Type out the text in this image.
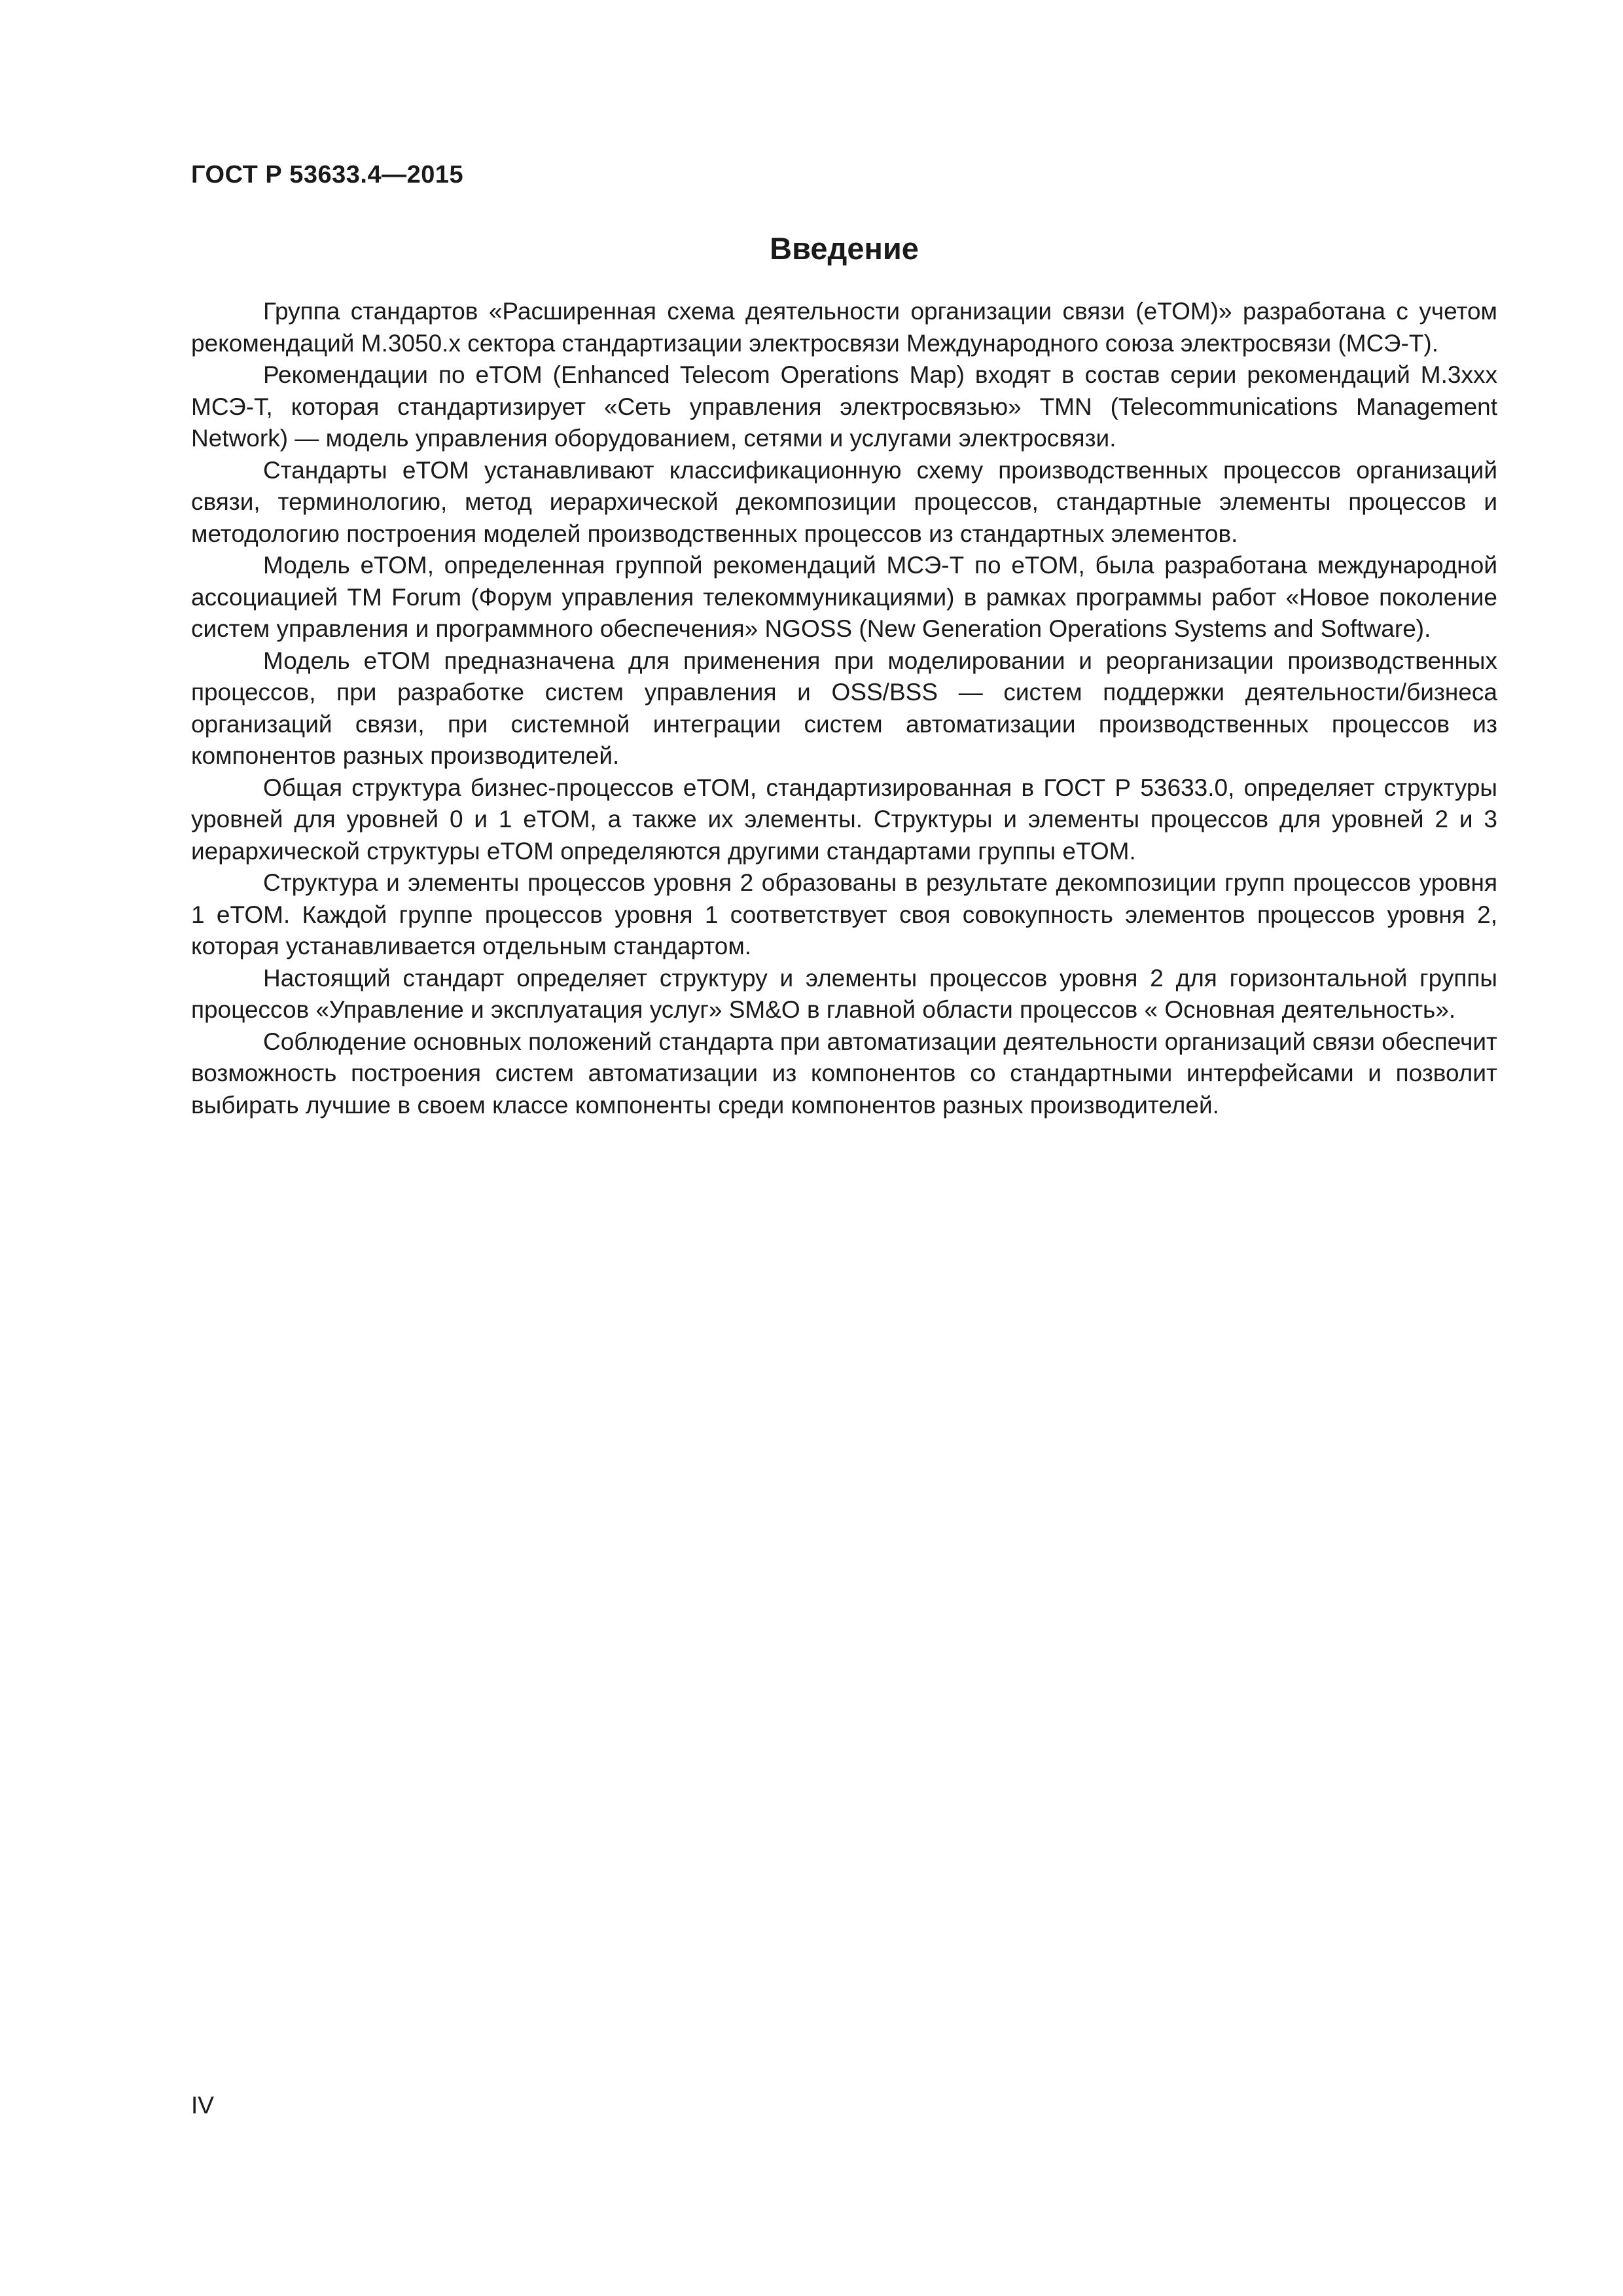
ГОСТ Р 53633.4—2015
Введение

Группа стандартов «Расширенная схема деятельности организации связи (eTOM)» разработана с учетом рекомендаций М.3050.х сектора стандартизации электросвязи Международного союза электросвязи (МСЭ-Т).

Рекомендации по eTOM (Enhanced Telecom Operations Map) входят в состав серии рекомендаций М.3ххх МСЭ-Т, которая стандартизирует «Сеть управления электросвязью» TMN (Telecommunications Management Network) — модель управления оборудованием, сетями и услугами электросвязи.

Стандарты eTOM устанавливают классификационную схему производственных процессов организаций связи, терминологию, метод иерархической декомпозиции процессов, стандартные элементы процессов и методологию построения моделей производственных процессов из стандартных элементов.

Модель eTOM, определенная группой рекомендаций МСЭ-Т по eTOM, была разработана международной ассоциацией TM Forum (Форум управления телекоммуникациями) в рамках программы работ «Новое поколение систем управления и программного обеспечения» NGOSS (New Generation Operations Systems and Software).

Модель eTOM предназначена для применения при моделировании и реорганизации производственных процессов, при разработке систем управления и OSS/BSS — систем поддержки деятельности/бизнеса организаций связи, при системной интеграции систем автоматизации производственных процессов из компонентов разных производителей.

Общая структура бизнес-процессов eTOM, стандартизированная в ГОСТ Р 53633.0, определяет структуры уровней для уровней 0 и 1 eTOM, а также их элементы. Структуры и элементы процессов для уровней 2 и 3 иерархической структуры eTOM определяются другими стандартами группы eTOM.

Структура и элементы процессов уровня 2 образованы в результате декомпозиции групп процессов уровня 1 eTOM. Каждой группе процессов уровня 1 соответствует своя совокупность элементов процессов уровня 2, которая устанавливается отдельным стандартом.

Настоящий стандарт определяет структуру и элементы процессов уровня 2 для горизонтальной группы процессов «Управление и эксплуатация услуг» SM&O в главной области процессов « Основная деятельность».

Соблюдение основных положений стандарта при автоматизации деятельности организаций связи обеспечит возможность построения систем автоматизации из компонентов со стандартными интерфейсами и позволит выбирать лучшие в своем классе компоненты среди компонентов разных производителей.

IV
